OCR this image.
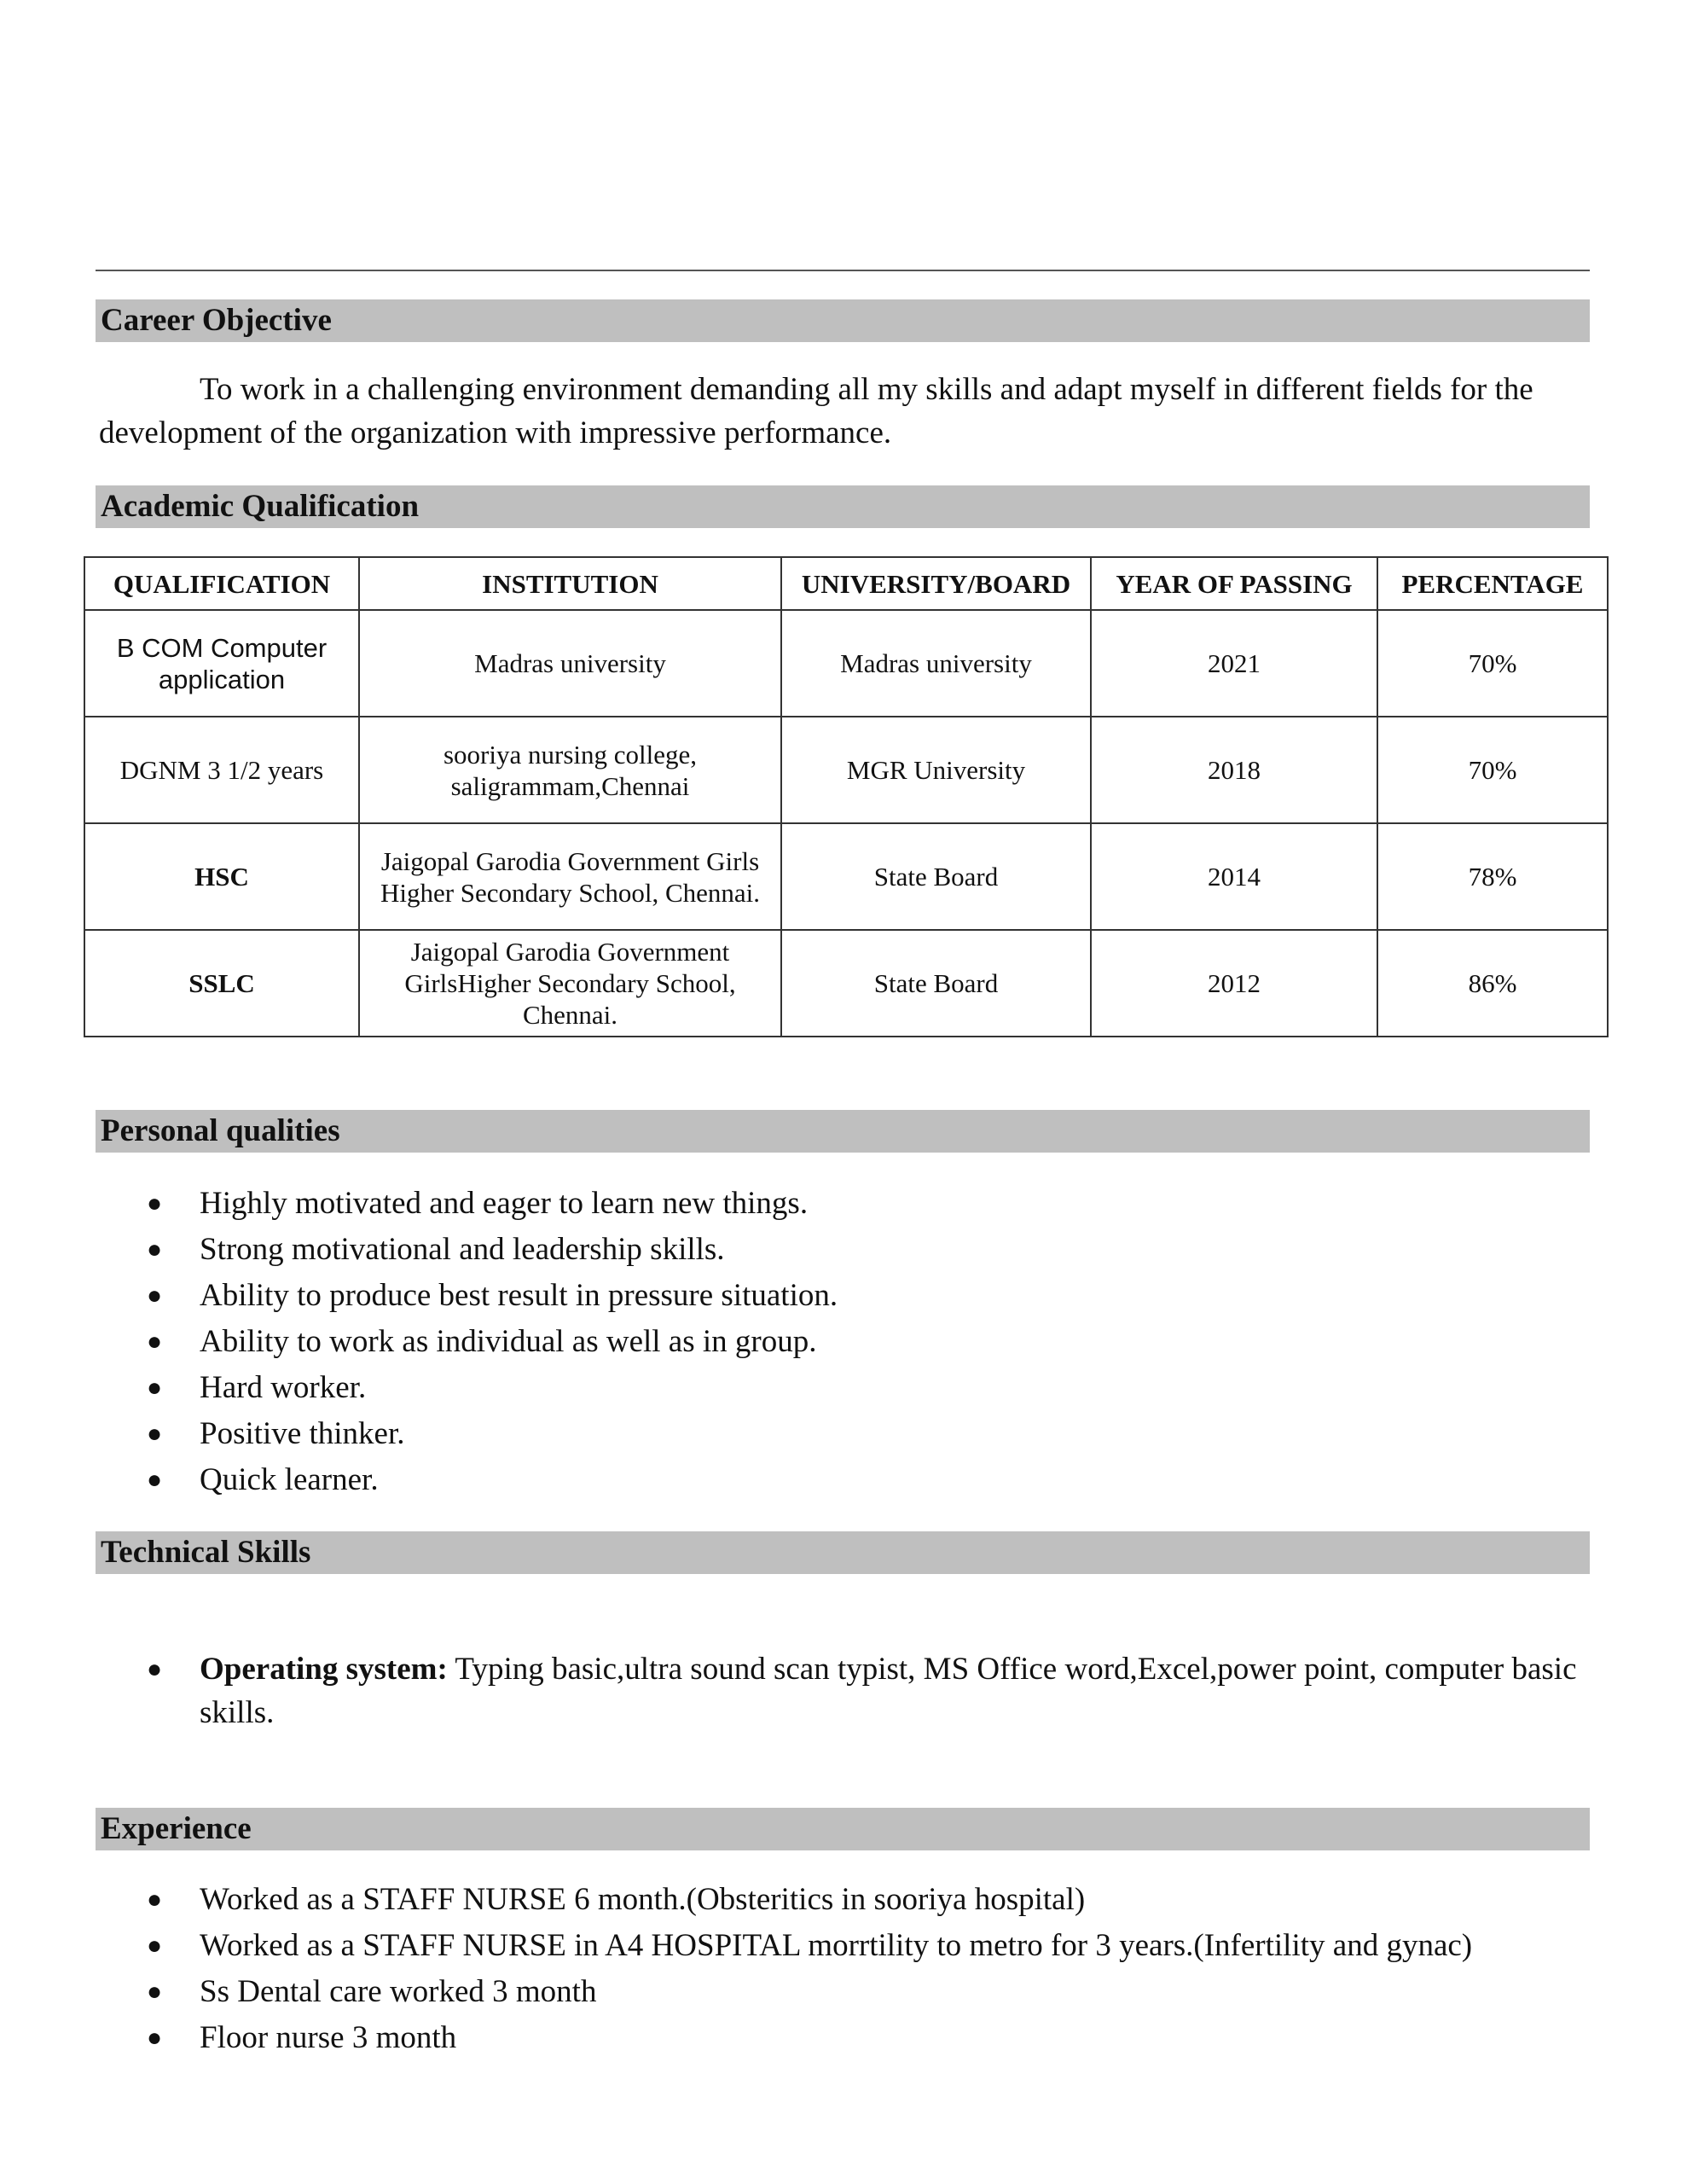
Career Objective

To work in a challenging environment demanding all my skills and adapt myself in different fields for the development of the organization with impressive performance.

Academic Qualification
QUALIFICATION	INSTITUTION	UNIVERSITY/BOARD	YEAR OF PASSING	PERCENTAGE
B COM Computer application	Madras university	Madras university	2021	70%
DGNM 3 1/2 years	sooriya nursing college, saligrammam,Chennai	MGR University	2018	70%
HSC	Jaigopal Garodia Government Girls Higher Secondary School, Chennai.	State Board	2014	78%
SSLC	Jaigopal Garodia Government GirlsHigher Secondary School, Chennai.	State Board	2012	86%
Personal qualities
● Highly motivated and eager to learn new things.
● Strong motivational and leadership skills.
● Ability to produce best result in pressure situation.
● Ability to work as individual as well as in group.
● Hard worker.
● Positive thinker.
● Quick learner.
Technical Skills
● Operating system: Typing basic,ultra sound scan typist, MS Office word,Excel,power point, computer basic skills.
Experience
● Worked as a STAFF NURSE 6 month.(Obsteritics in sooriya hospital)
● Worked as a STAFF NURSE in A4 HOSPITAL morrtility to metro for 3 years.(Infertility and gynac)
● Ss Dental care worked 3 month
● Floor nurse 3 month
